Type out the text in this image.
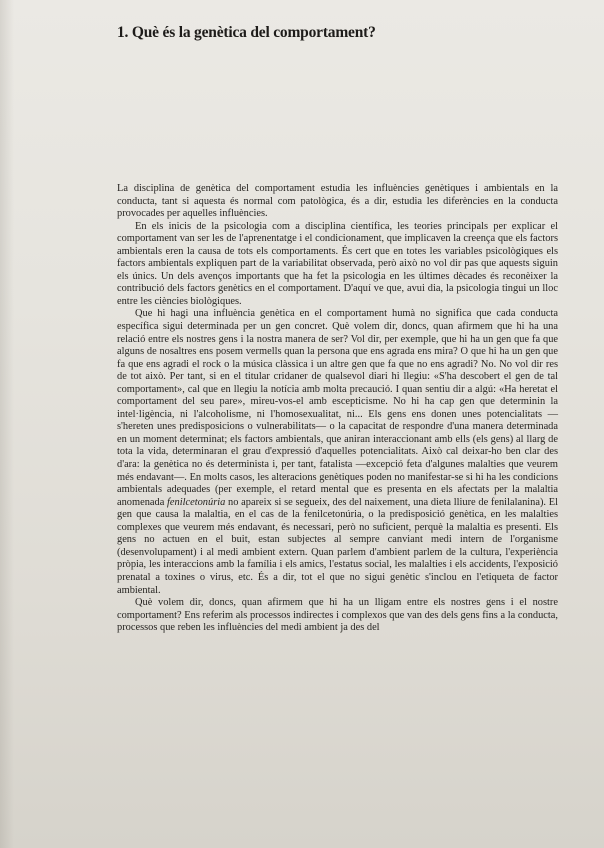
1. Què és la genètica del comportament?

La disciplina de genètica del comportament estudia les influències genètiques i ambientals en la conducta, tant si aquesta és normal com patològica, és a dir, estudia les diferències en la conducta provocades per aquelles influències.

En els inicis de la psicologia com a disciplina científica, les teories principals per explicar el comportament van ser les de l'aprenentatge i el condicionament, que implicaven la creença que els factors ambientals eren la causa de tots els comportaments. És cert que en totes les variables psicològiques els factors ambientals expliquen part de la variabilitat observada, però això no vol dir pas que aquests siguin els únics. Un dels avenços importants que ha fet la psicologia en les últimes dècades és reconèixer la contribució dels factors genètics en el comportament. D'aquí ve que, avui dia, la psicologia tingui un lloc entre les ciències biològiques.

Que hi hagi una influència genètica en el comportament humà no significa que cada conducta específica sigui determinada per un gen concret. Què volem dir, doncs, quan afirmem que hi ha una relació entre els nostres gens i la nostra manera de ser? Vol dir, per exemple, que hi ha un gen que fa que alguns de nosaltres ens posem vermells quan la persona que ens agrada ens mira? O que hi ha un gen que fa que ens agradi el rock o la música clàssica i un altre gen que fa que no ens agradi? No. No vol dir res de tot això. Per tant, si en el titular cridaner de qualsevol diari hi llegiu: «S'ha descobert el gen de tal comportament», cal que en llegiu la notícia amb molta precaució. I quan sentiu dir a algú: «Ha heretat el comportament del seu pare», mireu-vos-el amb escepticisme. No hi ha cap gen que determinin la intel·ligència, ni l'alcoholisme, ni l'homosexualitat, ni... Els gens ens donen unes potencialitats —s'hereten unes predisposicions o vulnerabilitats— o la capacitat de respondre d'una manera determinada en un moment determinat; els factors ambientals, que aniran interaccionant amb ells (els gens) al llarg de tota la vida, determinaran el grau d'expressió d'aquelles potencialitats. Això cal deixar-ho ben clar des d'ara: la genètica no és determinista i, per tant, fatalista —excepció feta d'algunes malalties que veurem més endavant—. En molts casos, les alteracions genètiques poden no manifestar-se si hi ha les condicions ambientals adequades (per exemple, el retard mental que es presenta en els afectats per la malaltia anomenada fenilcetonúria no apareix si se segueix, des del naixement, una dieta lliure de fenilalanina). El gen que causa la malaltia, en el cas de la fenilcetonúria, o la predisposició genètica, en les malalties complexes que veurem més endavant, és necessari, però no suficient, perquè la malaltia es presenti. Els gens no actuen en el buit, estan subjectes al sempre canviant medi intern de l'organisme (desenvolupament) i al medi ambient extern. Quan parlem d'ambient parlem de la cultura, l'experiència pròpia, les interaccions amb la família i els amics, l'estatus social, les malalties i els accidents, l'exposició prenatal a toxines o virus, etc. És a dir, tot el que no sigui genètic s'inclou en l'etiqueta de factor ambiental.

Què volem dir, doncs, quan afirmem que hi ha un lligam entre els nostres gens i el nostre comportament? Ens referim als processos indirectes i complexos que van des dels gens fins a la conducta, processos que reben les influències del medi ambient ja des del
